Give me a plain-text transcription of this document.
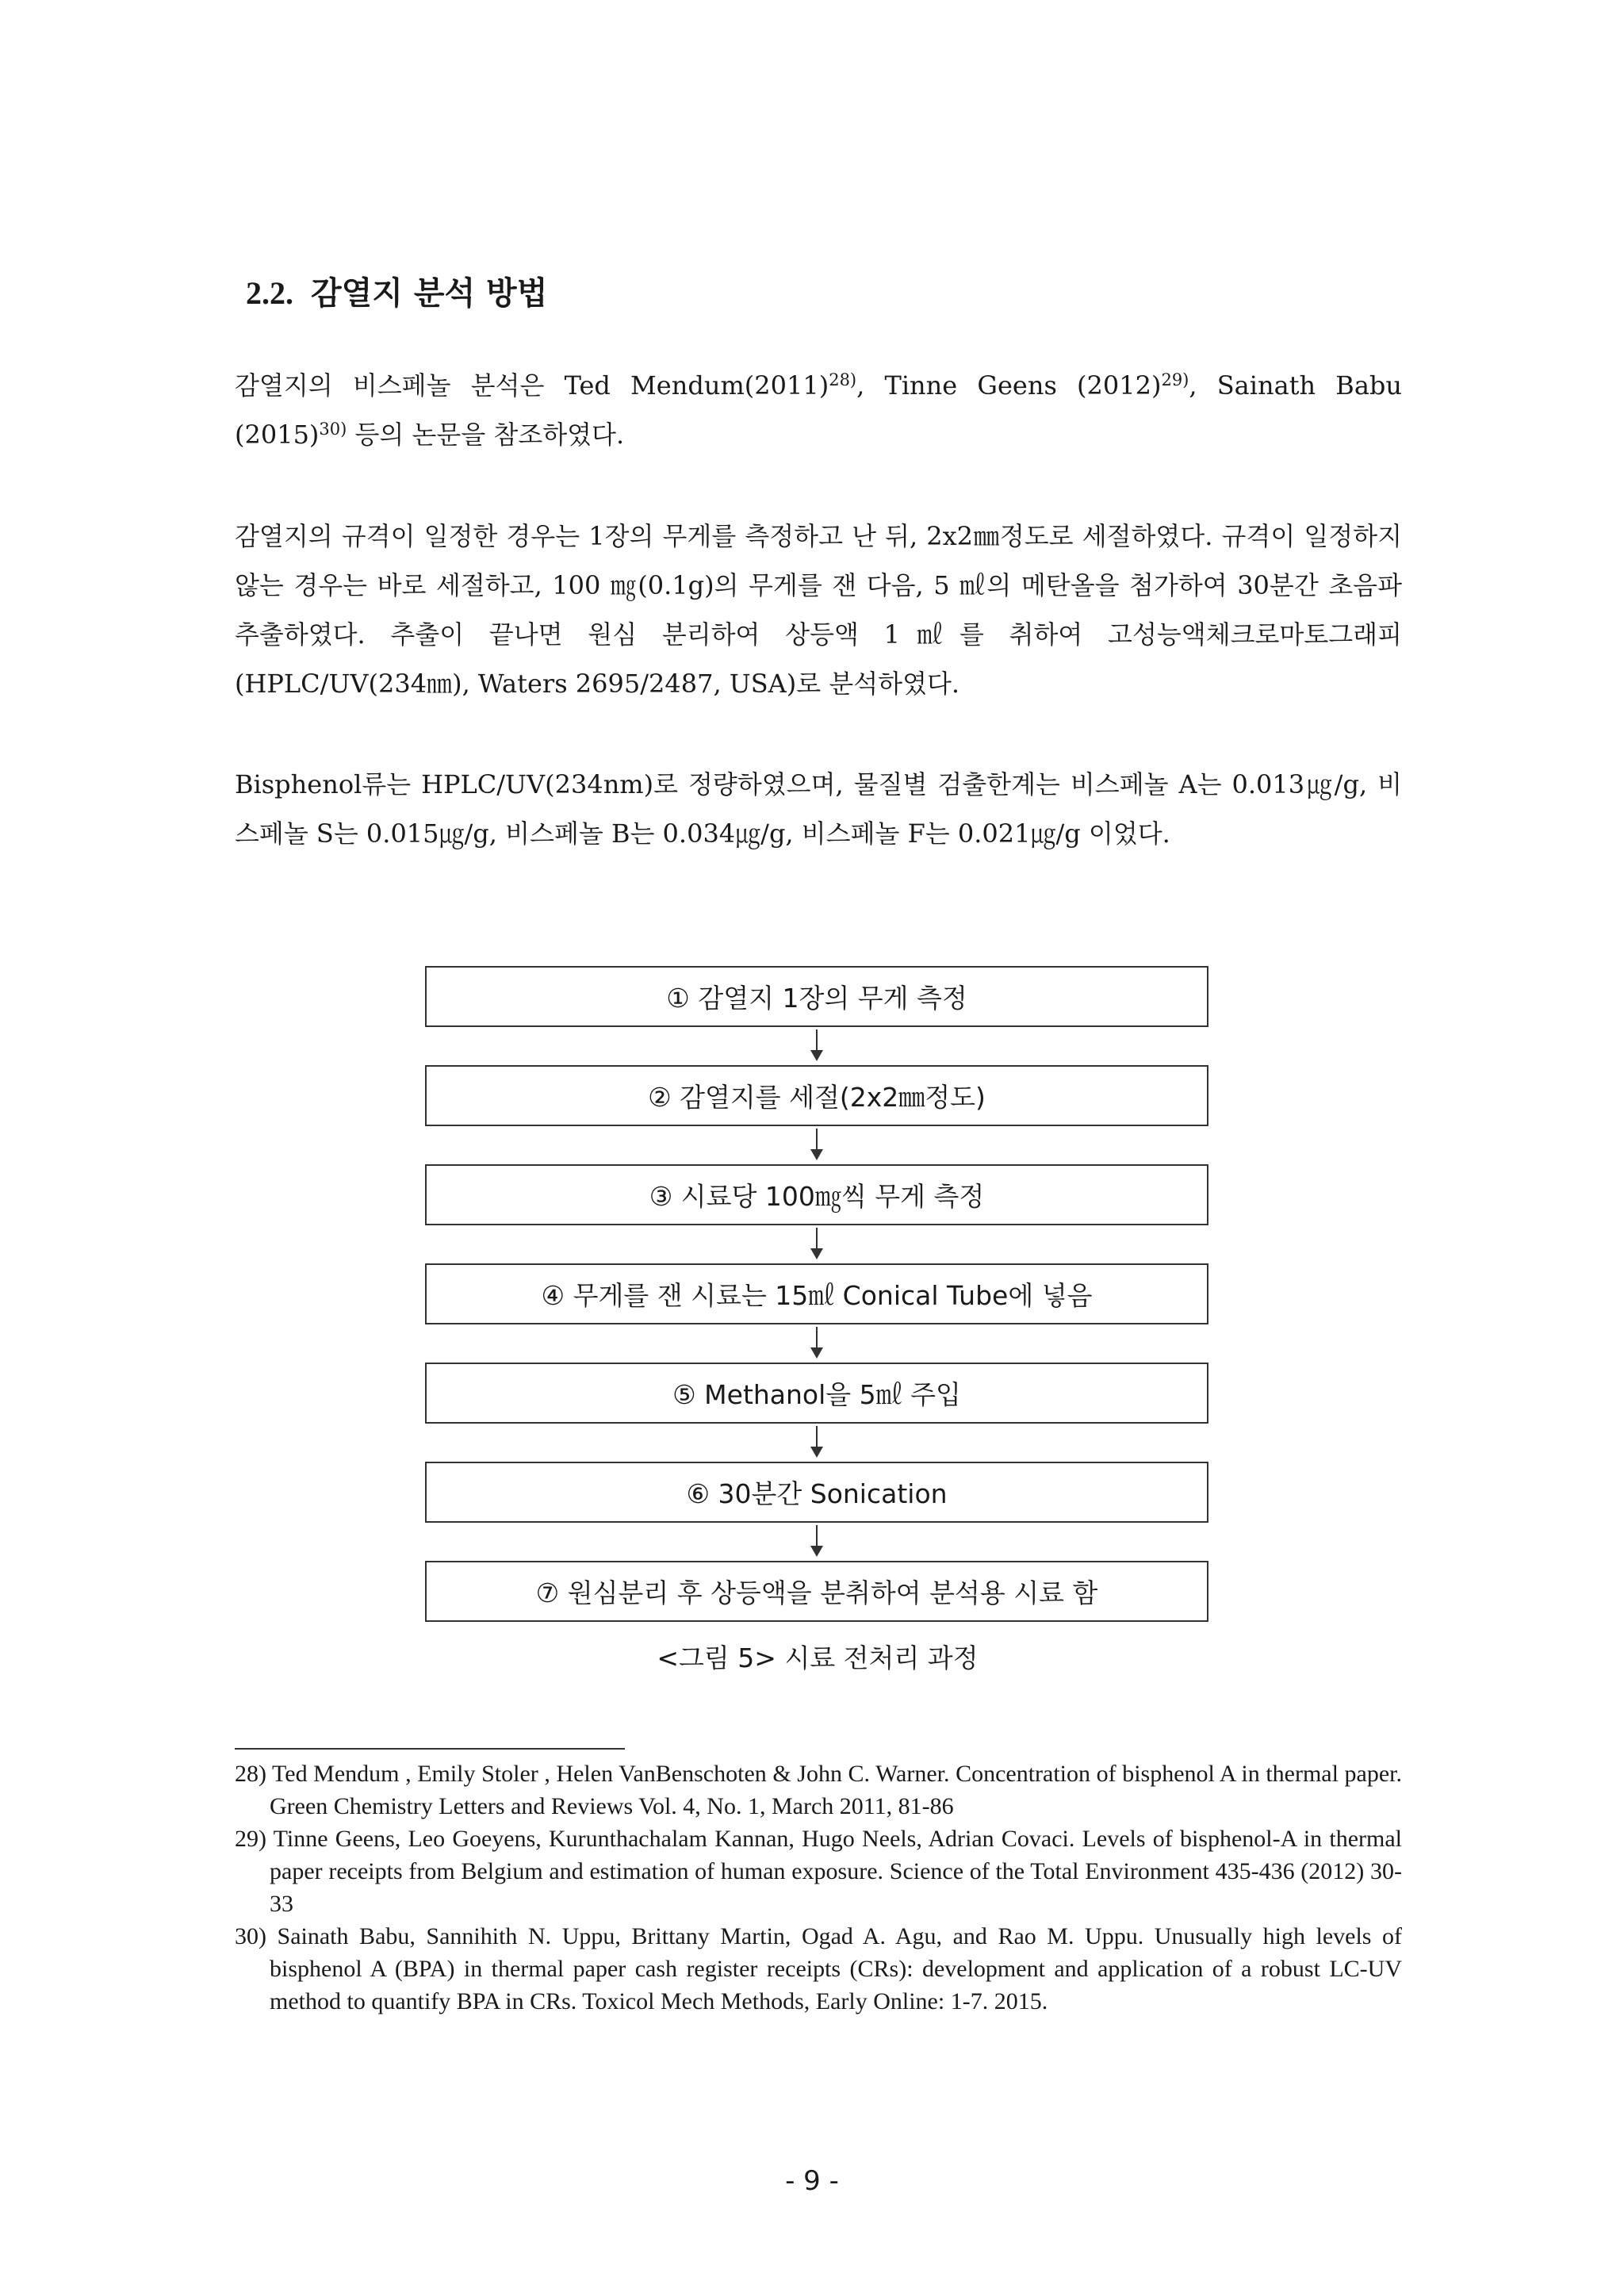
2.2. 감열지 분석 방법

감열지의 비스페놀 분석은 Ted $Mendum(2011)^{28)}$, Tinne Geens $(2012)^{29)}$, Sainath Babu $(2015)^{30)}$ 등의 논문을 참조하였다.

감열지의 규격이 일정한 경우는 1장의 무게를 측정하고 난 뒤, 2x2㎜정도로 세절하였다. 규격이 일정하지 않는 경우는 바로 세절하고, 100 ㎎(0.1g)의 무게를 잰 다음, 5 ㎖의 메탄올을 첨가하여 30분간 초음파 추출하였다. 추출이 끝나면 원심 분리하여 상등액 1㎖를 취하여 고성능액체크로마토그래피(HPLC/UV(234㎚), Waters 2695/2487, USA)로 분석하였다.

Bisphenol류는 HPLC/UV(234nm)로 정량하였으며, 물질별 검출한계는 비스페놀 A는 0.013㎍/g, 비스페놀 S는 0.015㎍/g, 비스페놀 B는 0.034㎍/g, 비스페놀 F는 0.021㎍/g 이었다.

① 감열지 1장의 무게 측정
② 감열지를 세절(2x2㎜정도)
③ 시료당 100㎎씩 무게 측정
④ 무게를 잰 시료는 15㎖ Conical Tube에 넣음
⑤ Methanol을 5㎖ 주입
⑥ 30분간 Sonication
⑦ 원심분리 후 상등액을 분취하여 분석용 시료 함
<그림 5> 시료 전처리 과정
28) Ted Mendum , Emily Stoler , Helen VanBenschoten & John C. Warner. Concentration of bisphenol A in thermal paper. Green Chemistry Letters and Reviews Vol. 4, No. 1, March 2011, 81-86
29) Tinne Geens, Leo Goeyens, Kurunthachalam Kannan, Hugo Neels, Adrian Covaci. Levels of bisphenol-A in thermal paper receipts from Belgium and estimation of human exposure. Science of the Total Environment 435-436 (2012) 30-33
30) Sainath Babu, Sannihith N. Uppu, Brittany Martin, Ogad A. Agu, and Rao M. Uppu. Unusually high levels of bisphenol A (BPA) in thermal paper cash register receipts (CRs): development and application of a robust LC-UV method to quantify BPA in CRs. Toxicol Mech Methods, Early Online: 1-7. 2015.
- 9 -
